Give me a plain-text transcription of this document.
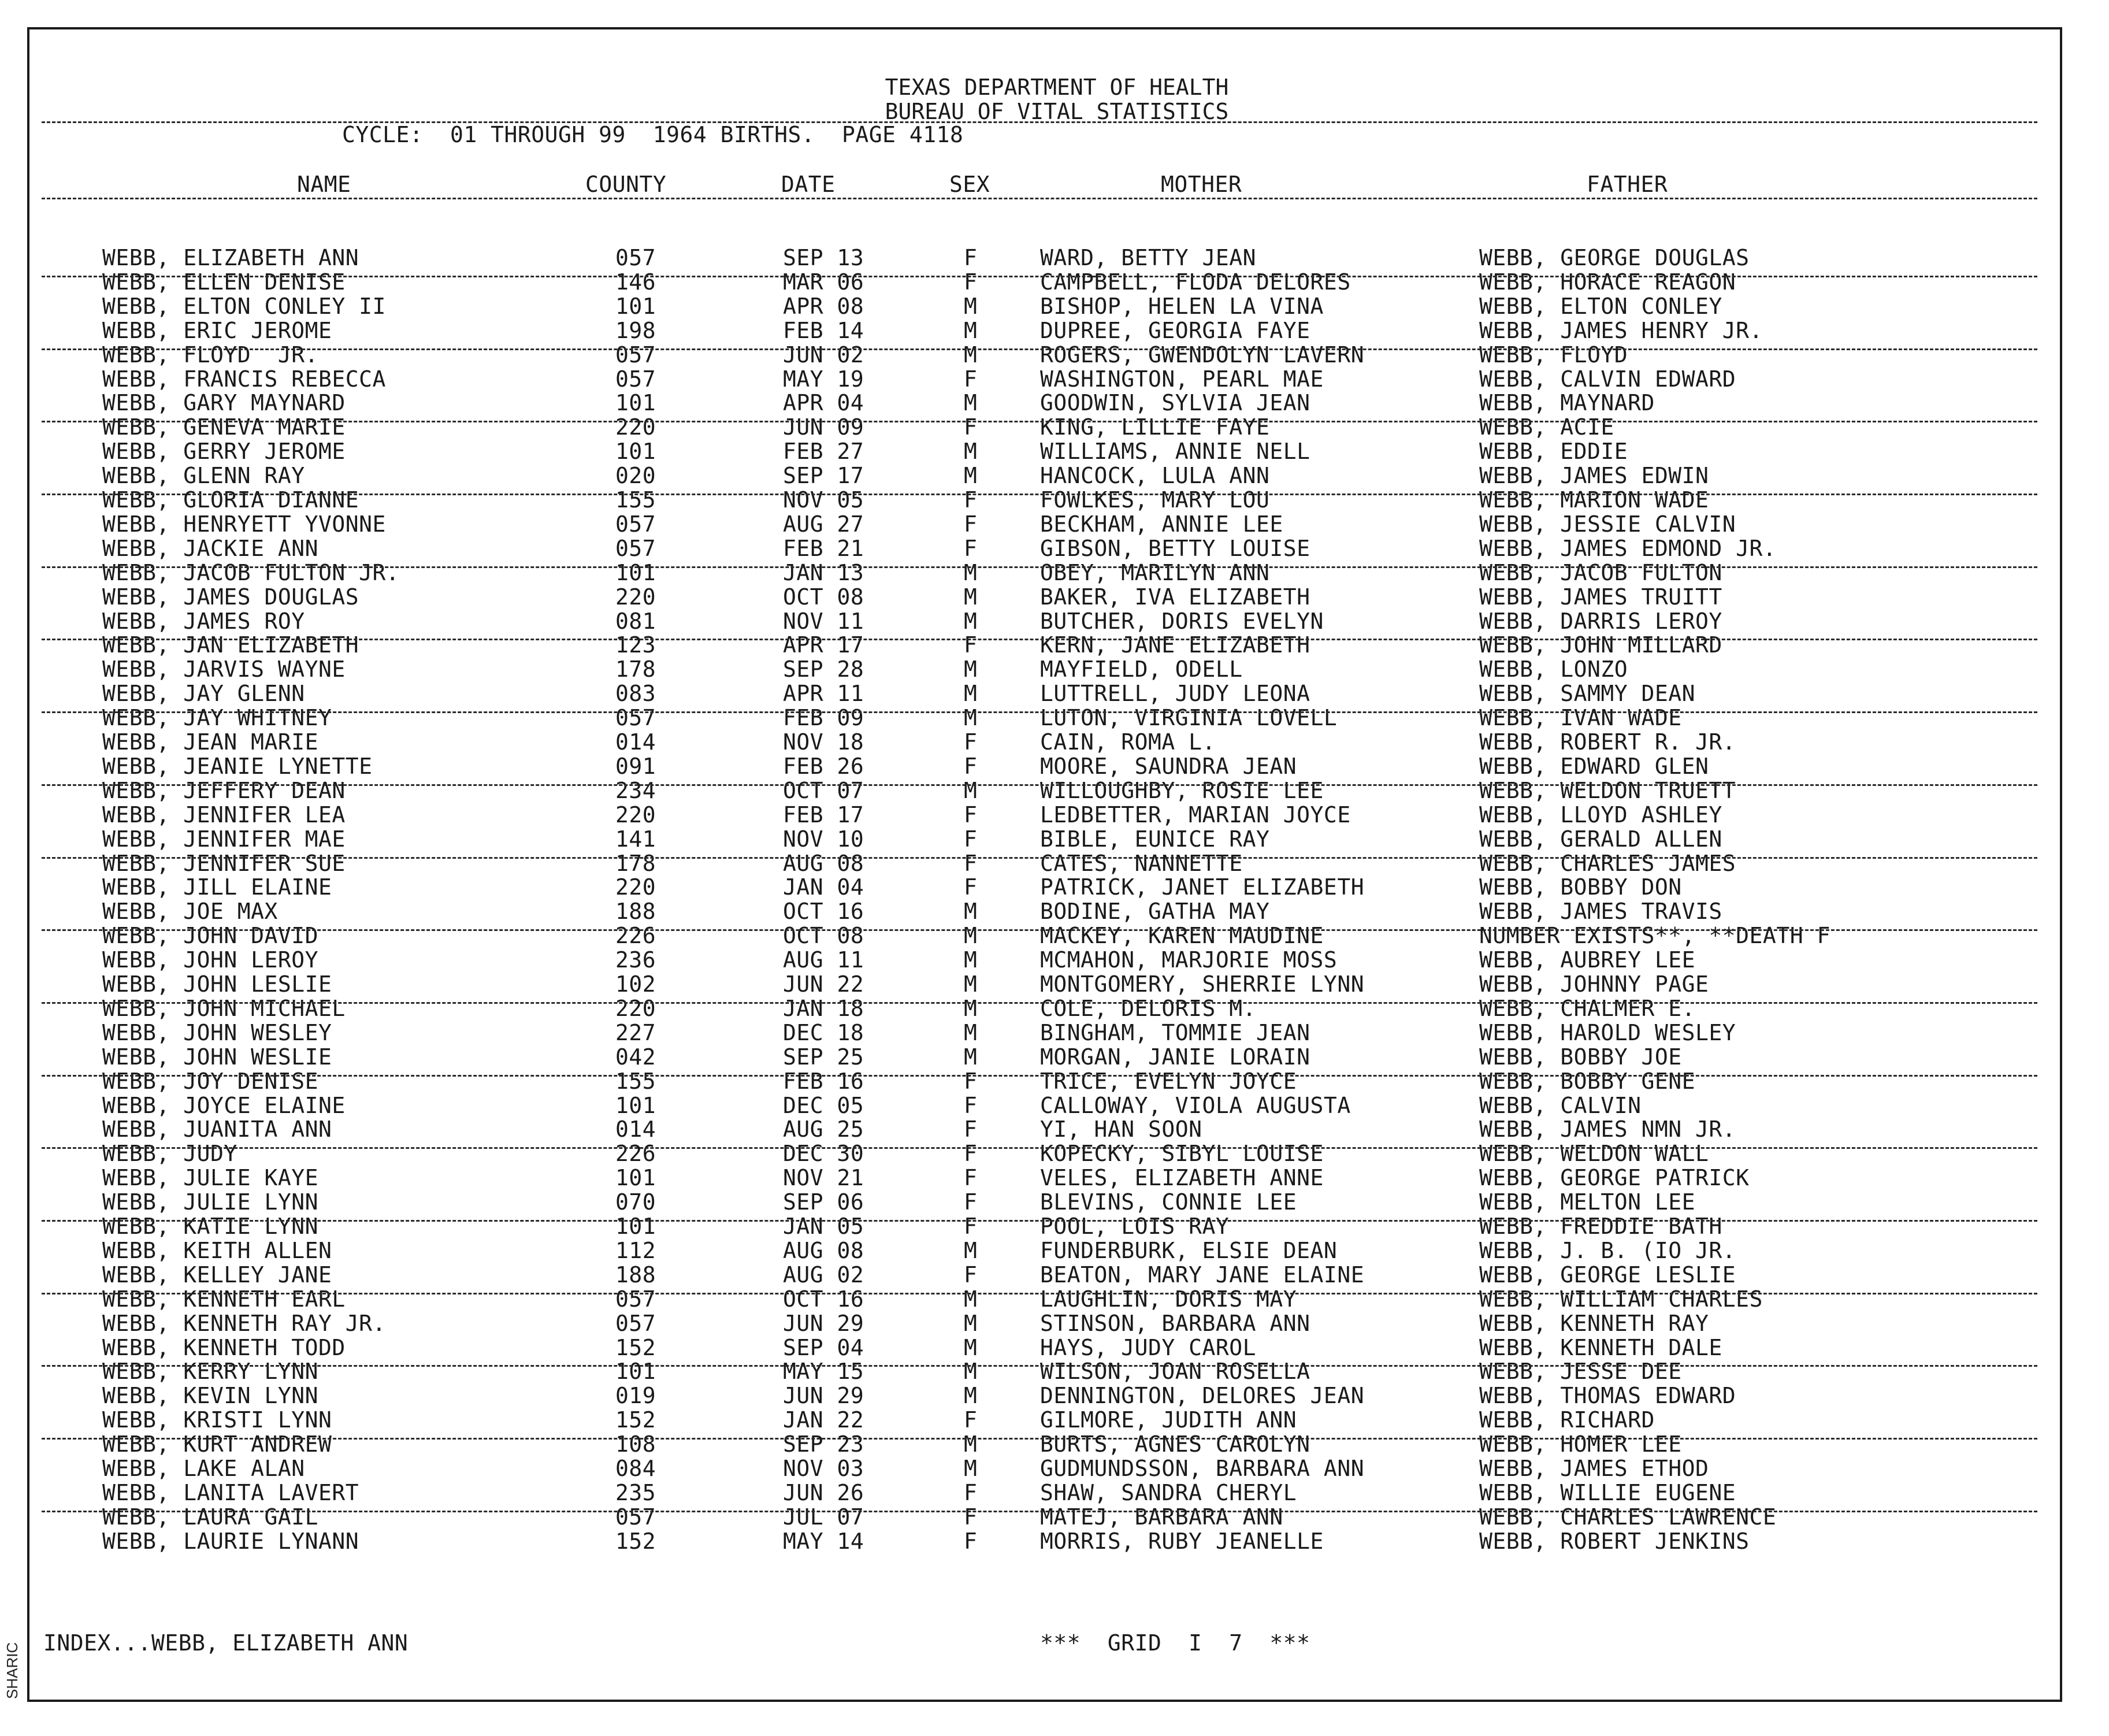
TEXAS DEPARTMENT OF HEALTH
BUREAU OF VITAL STATISTICS
CYCLE:  01 THROUGH 99  1964 BIRTHS.  PAGE 4118
NAME	COUNTY	DATE	SEX	MOTHER	FATHER
WEBB, ELIZABETH ANN	057	SEP 13	F	WARD, BETTY JEAN	WEBB, GEORGE DOUGLAS
WEBB, ELLEN DENISE	146	MAR 06	F	CAMPBELL, FLODA DELORES	WEBB, HORACE REAGON
WEBB, ELTON CONLEY II	101	APR 08	M	BISHOP, HELEN LA VINA	WEBB, ELTON CONLEY
WEBB, ERIC JEROME	198	FEB 14	M	DUPREE, GEORGIA FAYE	WEBB, JAMES HENRY JR.
WEBB, FLOYD  JR.	057	JUN 02	M	ROGERS, GWENDOLYN LAVERN	WEBB, FLOYD
WEBB, FRANCIS REBECCA	057	MAY 19	F	WASHINGTON, PEARL MAE	WEBB, CALVIN EDWARD
WEBB, GARY MAYNARD	101	APR 04	M	GOODWIN, SYLVIA JEAN	WEBB, MAYNARD
WEBB, GENEVA MARIE	220	JUN 09	F	KING, LILLIE FAYE	WEBB, ACIE
WEBB, GERRY JEROME	101	FEB 27	M	WILLIAMS, ANNIE NELL	WEBB, EDDIE
WEBB, GLENN RAY	020	SEP 17	M	HANCOCK, LULA ANN	WEBB, JAMES EDWIN
WEBB, GLORIA DIANNE	155	NOV 05	F	FOWLKES, MARY LOU	WEBB, MARION WADE
WEBB, HENRYETT YVONNE	057	AUG 27	F	BECKHAM, ANNIE LEE	WEBB, JESSIE CALVIN
WEBB, JACKIE ANN	057	FEB 21	F	GIBSON, BETTY LOUISE	WEBB, JAMES EDMOND JR.
WEBB, JACOB FULTON JR.	101	JAN 13	M	OBEY, MARILYN ANN	WEBB, JACOB FULTON
WEBB, JAMES DOUGLAS	220	OCT 08	M	BAKER, IVA ELIZABETH	WEBB, JAMES TRUITT
WEBB, JAMES ROY	081	NOV 11	M	BUTCHER, DORIS EVELYN	WEBB, DARRIS LEROY
WEBB, JAN ELIZABETH	123	APR 17	F	KERN, JANE ELIZABETH	WEBB, JOHN MILLARD
WEBB, JARVIS WAYNE	178	SEP 28	M	MAYFIELD, ODELL	WEBB, LONZO
WEBB, JAY GLENN	083	APR 11	M	LUTTRELL, JUDY LEONA	WEBB, SAMMY DEAN
WEBB, JAY WHITNEY	057	FEB 09	M	LUTON, VIRGINIA LOVELL	WEBB, IVAN WADE
WEBB, JEAN MARIE	014	NOV 18	F	CAIN, ROMA L.	WEBB, ROBERT R. JR.
WEBB, JEANIE LYNETTE	091	FEB 26	F	MOORE, SAUNDRA JEAN	WEBB, EDWARD GLEN
WEBB, JEFFERY DEAN	234	OCT 07	M	WILLOUGHBY, ROSIE LEE	WEBB, WELDON TRUETT
WEBB, JENNIFER LEA	220	FEB 17	F	LEDBETTER, MARIAN JOYCE	WEBB, LLOYD ASHLEY
WEBB, JENNIFER MAE	141	NOV 10	F	BIBLE, EUNICE RAY	WEBB, GERALD ALLEN
WEBB, JENNIFER SUE	178	AUG 08	F	CATES, NANNETTE	WEBB, CHARLES JAMES
WEBB, JILL ELAINE	220	JAN 04	F	PATRICK, JANET ELIZABETH	WEBB, BOBBY DON
WEBB, JOE MAX	188	OCT 16	M	BODINE, GATHA MAY	WEBB, JAMES TRAVIS
WEBB, JOHN DAVID	226	OCT 08	M	MACKEY, KAREN MAUDINE	NUMBER EXISTS**, **DEATH F
WEBB, JOHN LEROY	236	AUG 11	M	MCMAHON, MARJORIE MOSS	WEBB, AUBREY LEE
WEBB, JOHN LESLIE	102	JUN 22	M	MONTGOMERY, SHERRIE LYNN	WEBB, JOHNNY PAGE
WEBB, JOHN MICHAEL	220	JAN 18	M	COLE, DELORIS M.	WEBB, CHALMER E.
WEBB, JOHN WESLEY	227	DEC 18	M	BINGHAM, TOMMIE JEAN	WEBB, HAROLD WESLEY
WEBB, JOHN WESLIE	042	SEP 25	M	MORGAN, JANIE LORAIN	WEBB, BOBBY JOE
WEBB, JOY DENISE	155	FEB 16	F	TRICE, EVELYN JOYCE	WEBB, BOBBY GENE
WEBB, JOYCE ELAINE	101	DEC 05	F	CALLOWAY, VIOLA AUGUSTA	WEBB, CALVIN
WEBB, JUANITA ANN	014	AUG 25	F	YI, HAN SOON	WEBB, JAMES NMN JR.
WEBB, JUDY	226	DEC 30	F	KOPECKY, SIBYL LOUISE	WEBB, WELDON WALL
WEBB, JULIE KAYE	101	NOV 21	F	VELES, ELIZABETH ANNE	WEBB, GEORGE PATRICK
WEBB, JULIE LYNN	070	SEP 06	F	BLEVINS, CONNIE LEE	WEBB, MELTON LEE
WEBB, KATIE LYNN	101	JAN 05	F	POOL, LOIS RAY	WEBB, FREDDIE BATH
WEBB, KEITH ALLEN	112	AUG 08	M	FUNDERBURK, ELSIE DEAN	WEBB, J. B. (IO JR.
WEBB, KELLEY JANE	188	AUG 02	F	BEATON, MARY JANE ELAINE	WEBB, GEORGE LESLIE
WEBB, KENNETH EARL	057	OCT 16	M	LAUGHLIN, DORIS MAY	WEBB, WILLIAM CHARLES
WEBB, KENNETH RAY JR.	057	JUN 29	M	STINSON, BARBARA ANN	WEBB, KENNETH RAY
WEBB, KENNETH TODD	152	SEP 04	M	HAYS, JUDY CAROL	WEBB, KENNETH DALE
WEBB, KERRY LYNN	101	MAY 15	M	WILSON, JOAN ROSELLA	WEBB, JESSE DEE
WEBB, KEVIN LYNN	019	JUN 29	M	DENNINGTON, DELORES JEAN	WEBB, THOMAS EDWARD
WEBB, KRISTI LYNN	152	JAN 22	F	GILMORE, JUDITH ANN	WEBB, RICHARD
WEBB, KURT ANDREW	108	SEP 23	M	BURTS, AGNES CAROLYN	WEBB, HOMER LEE
WEBB, LAKE ALAN	084	NOV 03	M	GUDMUNDSSON, BARBARA ANN	WEBB, JAMES ETHOD
WEBB, LANITA LAVERT	235	JUN 26	F	SHAW, SANDRA CHERYL	WEBB, WILLIE EUGENE
WEBB, LAURA GAIL	057	JUL 07	F	MATEJ, BARBARA ANN	WEBB, CHARLES LAWRENCE
WEBB, LAURIE LYNANN	152	MAY 14	F	MORRIS, RUBY JEANELLE	WEBB, ROBERT JENKINS
INDEX...WEBB, ELIZABETH ANN	***  GRID  I  7  ***
SHARIC
